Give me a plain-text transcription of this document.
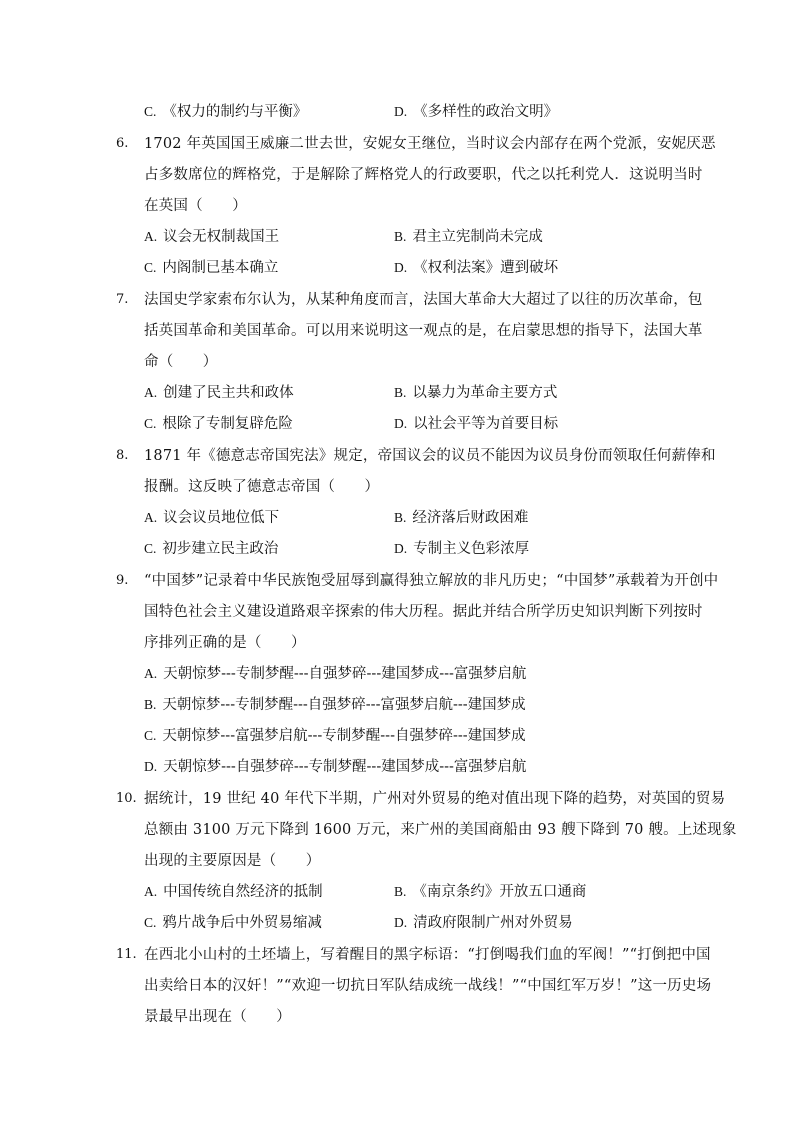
C. 《权力的制约与平衡》	D. 《多样性的政治文明》
6. 1702 年英国国王威廉二世去世，安妮女王继位，当时议会内部存在两个党派，安妮厌恶
占多数席位的辉格党，于是解除了辉格党人的行政要职，代之以托利党人．这说明当时
在英国（　　）
A. 议会无权制裁国王	B. 君主立宪制尚未完成
C. 内阁制已基本确立	D. 《权利法案》遭到破坏
7. 法国史学家索布尔认为，从某种角度而言，法国大革命大大超过了以往的历次革命，包
括英国革命和美国革命。可以用来说明这一观点的是，在启蒙思想的指导下，法国大革
命（　　）
A. 创建了民主共和政体	B. 以暴力为革命主要方式
C. 根除了专制复辟危险	D. 以社会平等为首要目标
8. 1871 年《德意志帝国宪法》规定，帝国议会的议员不能因为议员身份而领取任何薪俸和
报酬。这反映了德意志帝国（　　）
A. 议会议员地位低下	B. 经济落后财政困难
C. 初步建立民主政治	D. 专制主义色彩浓厚
9. “中国梦”记录着中华民族饱受屈辱到赢得独立解放的非凡历史；“中国梦”承载着为开创中
国特色社会主义建设道路艰辛探索的伟大历程。据此并结合所学历史知识判断下列按时
序排列正确的是（　　）
A. 天朝惊梦---专制梦醒---自强梦碎---建国梦成---富强梦启航
B. 天朝惊梦---专制梦醒---自强梦碎---富强梦启航---建国梦成
C. 天朝惊梦---富强梦启航---专制梦醒---自强梦碎---建国梦成
D. 天朝惊梦---自强梦碎---专制梦醒---建国梦成---富强梦启航
10. 据统计，19 世纪 40 年代下半期，广州对外贸易的绝对值出现下降的趋势，对英国的贸易
总额由 3100 万元下降到 1600 万元，来广州的美国商船由 93 艘下降到 70 艘。上述现象
出现的主要原因是（　　）
A. 中国传统自然经济的抵制	B. 《南京条约》开放五口通商
C. 鸦片战争后中外贸易缩减	D. 清政府限制广州对外贸易
11. 在西北小山村的土坯墙上，写着醒目的黑字标语：“打倒喝我们血的军阀！”“打倒把中国
出卖给日本的汉奸！”“欢迎一切抗日军队结成统一战线！”“中国红军万岁！”这一历史场
景最早出现在（　　）
